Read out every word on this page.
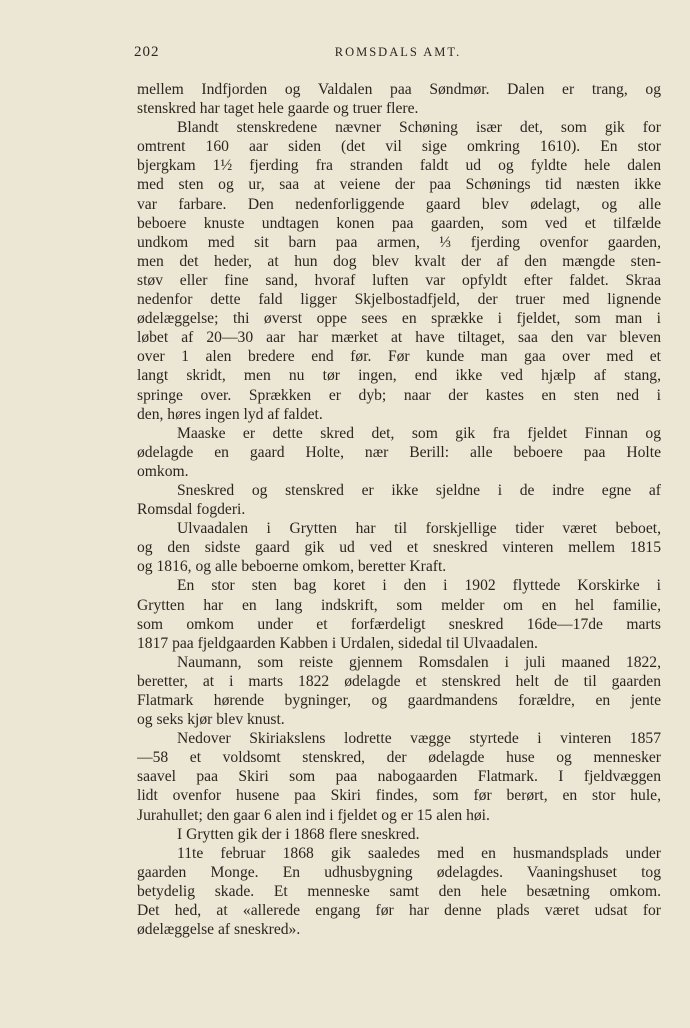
202	ROMSDALS AMT.
mellem Indfjorden og Valdalen paa Søndmør. Dalen er trang, og
stenskred har taget hele gaarde og truer flere.
Blandt stenskredene nævner Schøning især det, som gik for
omtrent 160 aar siden (det vil sige omkring 1610). En stor
bjergkam 1½ fjerding fra stranden faldt ud og fyldte hele dalen
med sten og ur, saa at veiene der paa Schønings tid næsten ikke
var farbare. Den nedenforliggende gaard blev ødelagt, og alle
beboere knuste undtagen konen paa gaarden, som ved et tilfælde
undkom med sit barn paa armen, ⅓ fjerding ovenfor gaarden,
men det heder, at hun dog blev kvalt der af den mængde sten-
støv eller fine sand, hvoraf luften var opfyldt efter faldet. Skraa
nedenfor dette fald ligger Skjelbostadfjeld, der truer med lignende
ødelæggelse; thi øverst oppe sees en sprække i fjeldet, som man i
løbet af 20—30 aar har mærket at have tiltaget, saa den var bleven
over 1 alen bredere end før. Før kunde man gaa over med et
langt skridt, men nu tør ingen, end ikke ved hjælp af stang,
springe over. Sprækken er dyb; naar der kastes en sten ned i
den, høres ingen lyd af faldet.
Maaske er dette skred det, som gik fra fjeldet Finnan og
ødelagde en gaard Holte, nær Berill: alle beboere paa Holte
omkom.
Sneskred og stenskred er ikke sjeldne i de indre egne af
Romsdal fogderi.
Ulvaadalen i Grytten har til forskjellige tider været beboet,
og den sidste gaard gik ud ved et sneskred vinteren mellem 1815
og 1816, og alle beboerne omkom, beretter Kraft.
En stor sten bag koret i den i 1902 flyttede Korskirke i
Grytten har en lang indskrift, som melder om en hel familie,
som omkom under et forfærdeligt sneskred 16de—17de marts
1817 paa fjeldgaarden Kabben i Urdalen, sidedal til Ulvaadalen.
Naumann, som reiste gjennem Romsdalen i juli maaned 1822,
beretter, at i marts 1822 ødelagde et stenskred helt de til gaarden
Flatmark hørende bygninger, og gaardmandens forældre, en jente
og seks kjør blev knust.
Nedover Skiriakslens lodrette vægge styrtede i vinteren 1857
—58 et voldsomt stenskred, der ødelagde huse og mennesker
saavel paa Skiri som paa nabogaarden Flatmark. I fjeldvæggen
lidt ovenfor husene paa Skiri findes, som før berørt, en stor hule,
Jurahullet; den gaar 6 alen ind i fjeldet og er 15 alen høi.
I Grytten gik der i 1868 flere sneskred.
11te februar 1868 gik saaledes med en husmandsplads under
gaarden Monge. En udhusbygning ødelagdes. Vaaningshuset tog
betydelig skade. Et menneske samt den hele besætning omkom.
Det hed, at «allerede engang før har denne plads været udsat for
ødelæggelse af sneskred».
